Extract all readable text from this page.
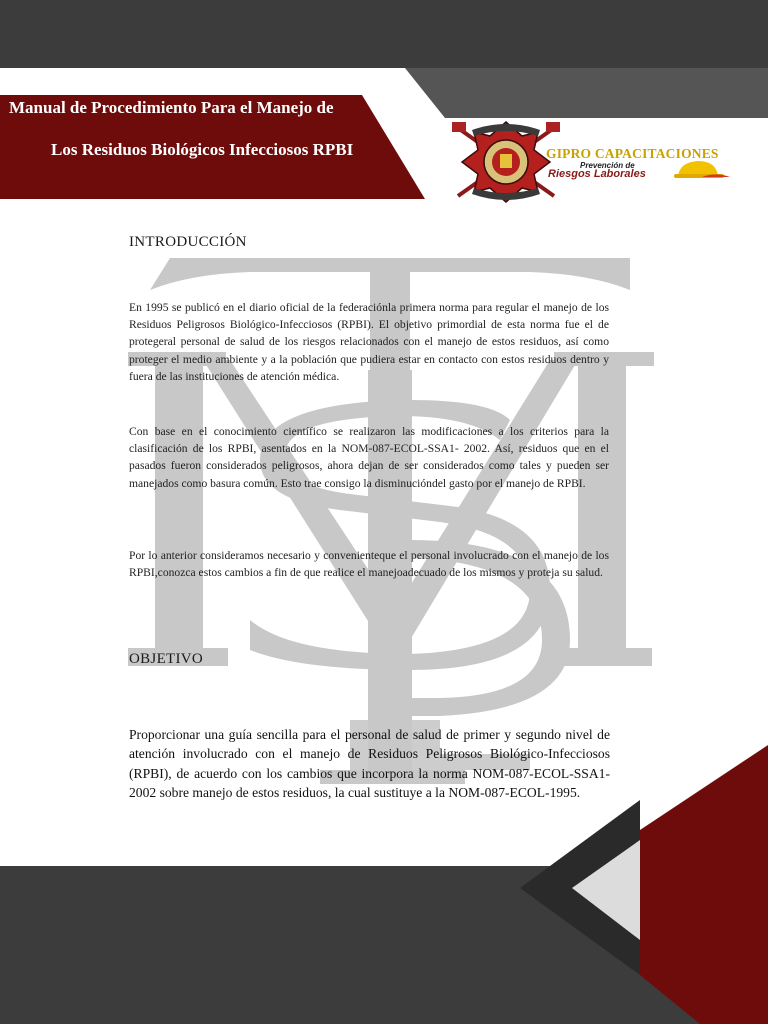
Manual de Procedimiento Para el Manejo de
Los Residuos Biológicos Infecciosos RPBI	GIPRO CAPACITACIONES

Prevención de

Riesgos Laborales

INTRODUCCIÓN

En 1995 se publicó en el diario oficial de la federaciónla primera norma para regular el manejo de los Residuos Peligrosos Biológico-Infecciosos (RPBI). El objetivo primordial de esta norma fue el de protegeral personal de salud de los riesgos relacionados con el manejo de estos residuos, así como proteger el medio ambiente y a la población que pudiera estar en contacto con estos residuos dentro y fuera de las instituciones de atención médica.

Con base en el conocimiento científico se realizaron las modificaciones a los criterios para la clasificación de los RPBI, asentados en la NOM-087-ECOL-SSA1- 2002. Así, residuos que en el pasados fueron considerados peligrosos, ahora dejan de ser considerados como tales y pueden ser manejados como basura común. Esto trae consigo la disminucióndel gasto por el manejo de RPBI.

Por lo anterior consideramos necesario y convenienteque el personal involucrado con el manejo de los RPBI,conozca estos cambios a fin de que realice el manejoadecuado de los mismos y proteja su salud.

OBJETIVO

Proporcionar una guía sencilla para el personal de salud de primer y segundo nivel de atención involucrado con el manejo de Residuos Peligrosos Biológico-Infecciosos (RPBI), de acuerdo con los cambios que incorpora la norma NOM-087-ECOL-SSA1-2002 sobre manejo de estos residuos, la cual sustituye a la NOM-087-ECOL-1995.
